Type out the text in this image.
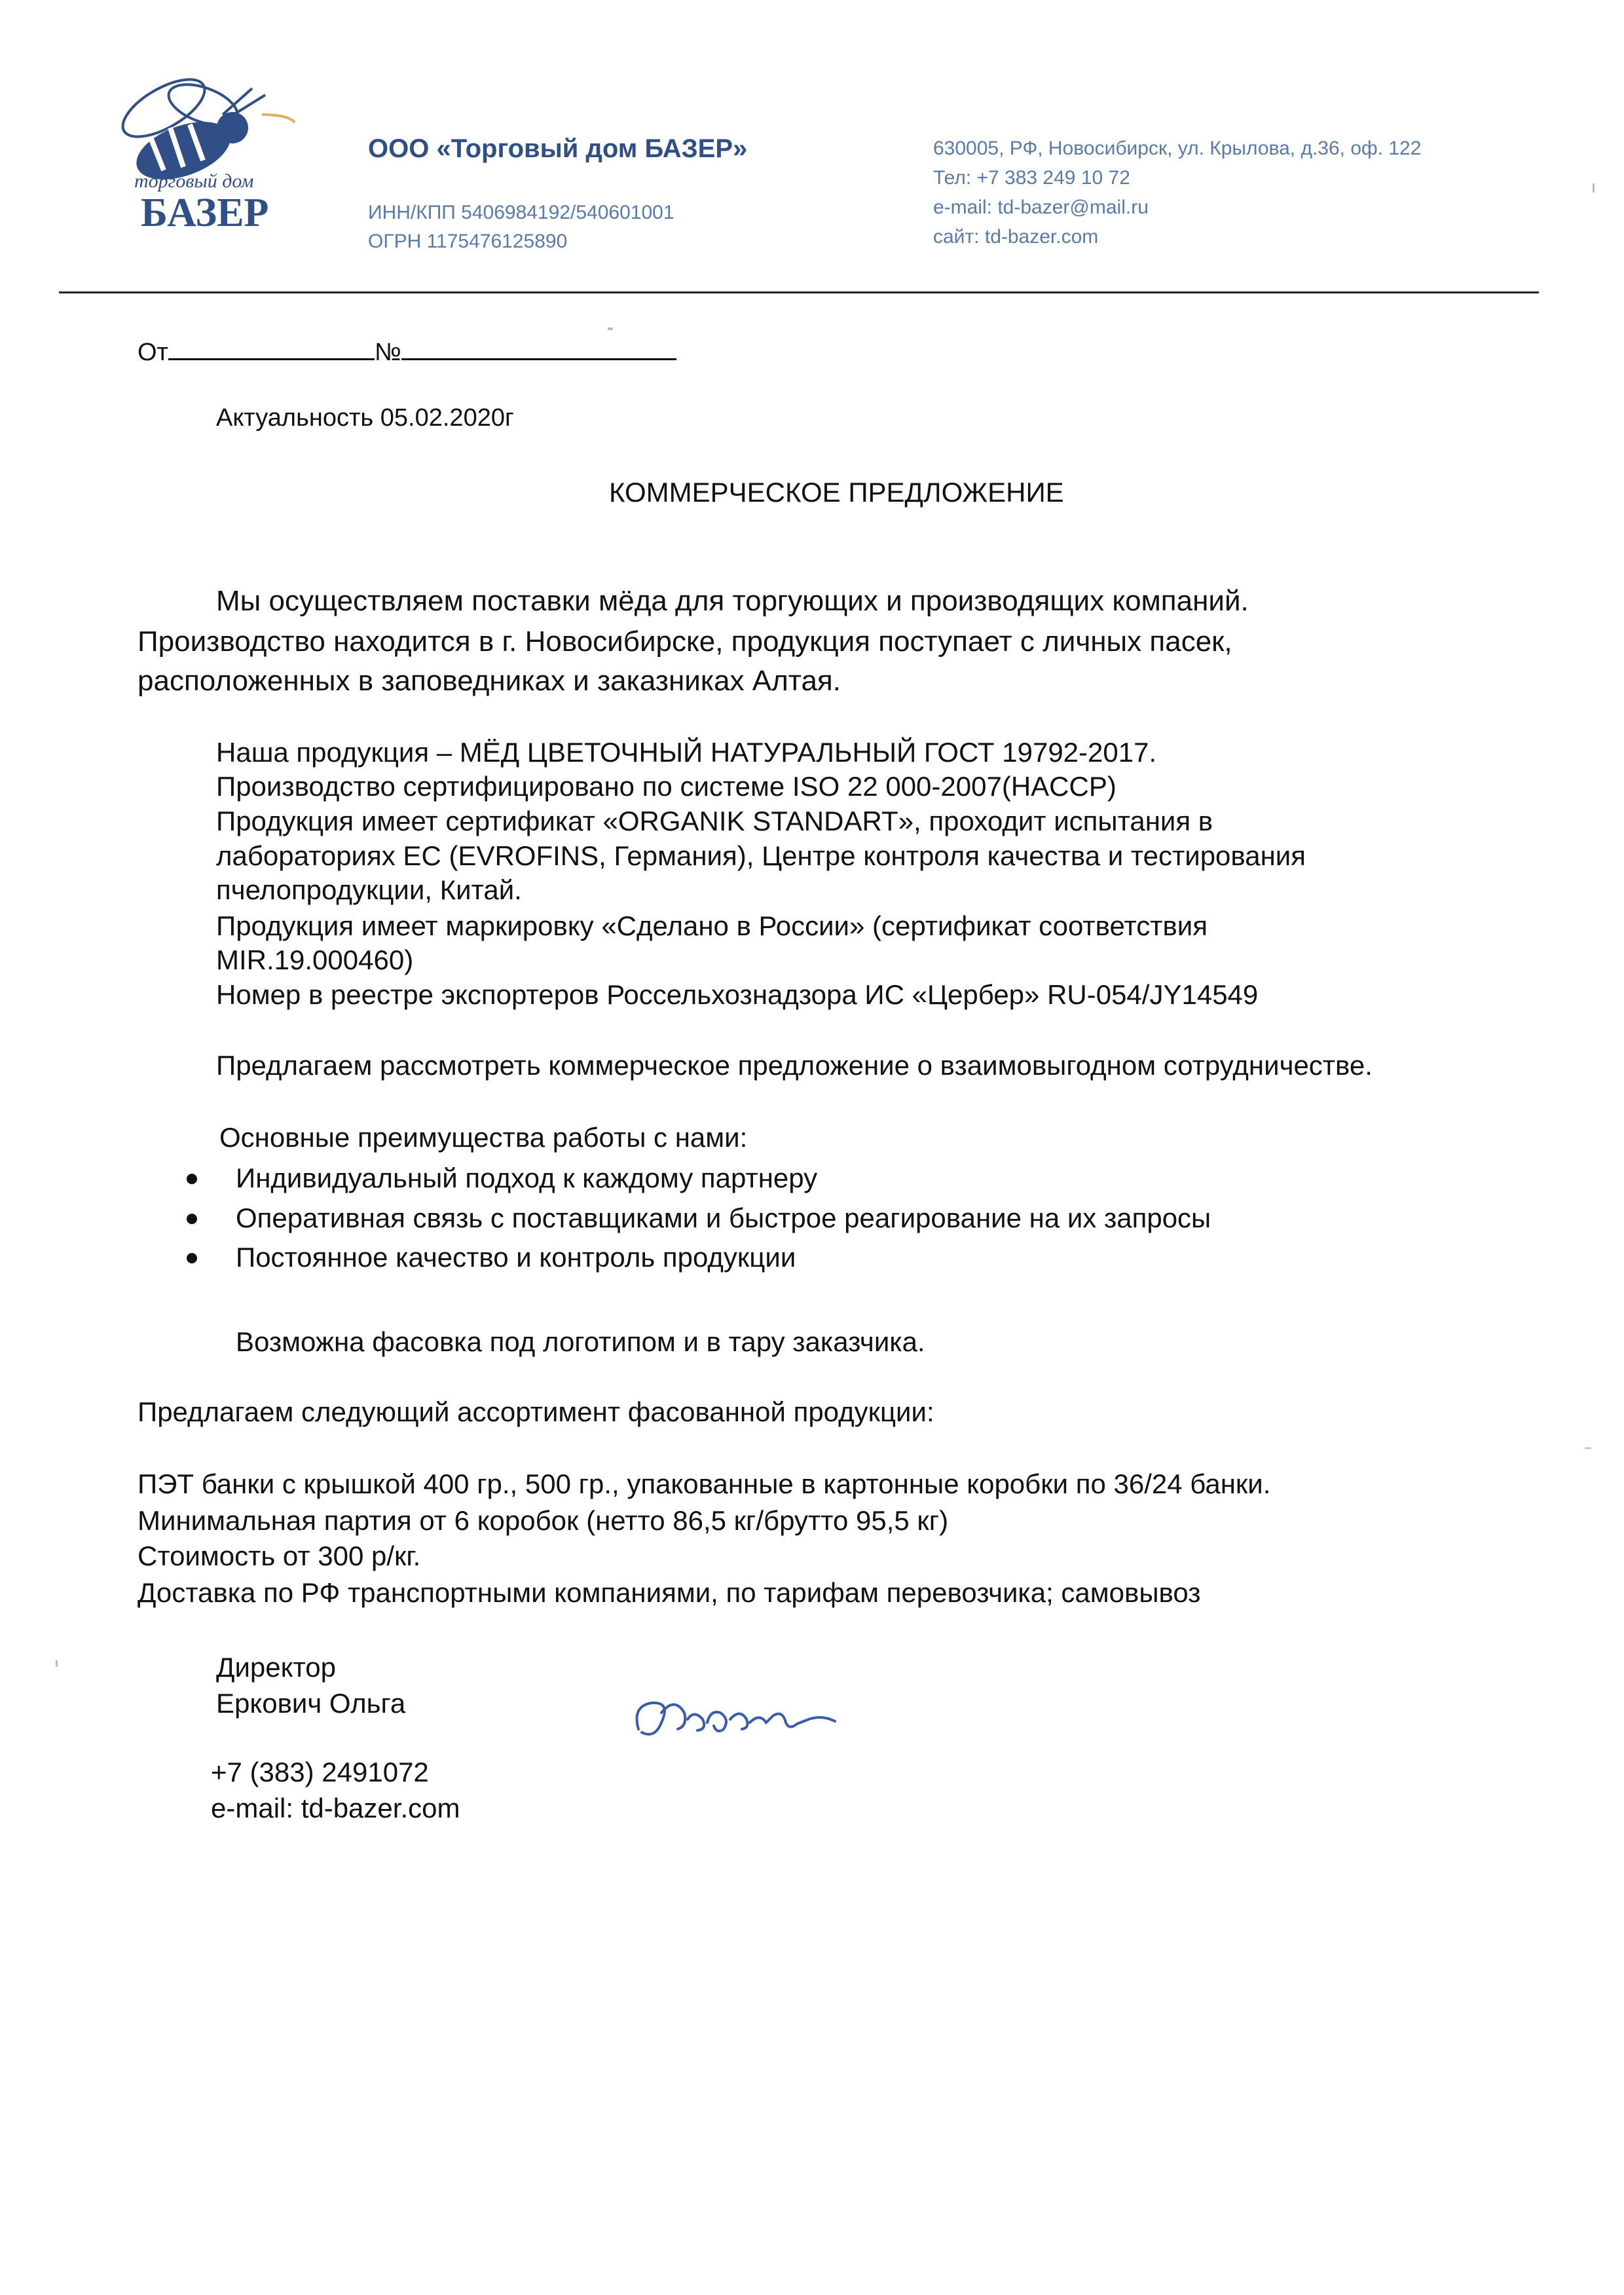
торговый дом
БАЗЕР
ООО «Торговый дом БАЗЕР»
ИНН/КПП 5406984192/540601001
ОГРН 1175476125890
630005, РФ, Новосибирск, ул. Крылова, д.36, оф. 122
Тел: +7 383 249 10 72
e-mail: td-bazer@mail.ru
сайт: td-bazer.com
От	№
Актуальность 05.02.2020г
КОММЕРЧЕСКОЕ ПРЕДЛОЖЕНИЕ
Мы осуществляем поставки мёда для торгующих и производящих компаний.
Производство находится в г. Новосибирске, продукция поступает с личных пасек,
расположенных в заповедниках и заказниках Алтая.
Наша продукция – МЁД ЦВЕТОЧНЫЙ НАТУРАЛЬНЫЙ ГОСТ 19792-2017.
Производство сертифицировано по системе ISO 22 000-2007(HACCP)
Продукция имеет сертификат «ORGANIK STANDART», проходит испытания в
лабораториях ЕС (EVROFINS, Германия), Центре контроля качества и тестирования
пчелопродукции, Китай.
Продукция имеет маркировку «Сделано в России» (сертификат соответствия
MIR.19.000460)
Номер в реестре экспортеров Россельхознадзора ИС «Цербер» RU-054/JY14549
Предлагаем рассмотреть коммерческое предложение о взаимовыгодном сотрудничестве.
Основные преимущества работы с нами:
Индивидуальный подход к каждому партнеру
Оперативная связь с поставщиками и быстрое реагирование на их запросы
Постоянное качество и контроль продукции
Возможна фасовка под логотипом и в тару заказчика.
Предлагаем следующий ассортимент фасованной продукции:
ПЭТ банки с крышкой 400 гр., 500 гр., упакованные в картонные коробки по 36/24 банки.
Минимальная партия от 6 коробок (нетто 86,5 кг/брутто 95,5 кг)
Стоимость от 300 р/кг.
Доставка по РФ транспортными компаниями, по тарифам перевозчика; самовывоз
Директор
Еркович Ольга
+7 (383) 2491072
e-mail: td-bazer.com
